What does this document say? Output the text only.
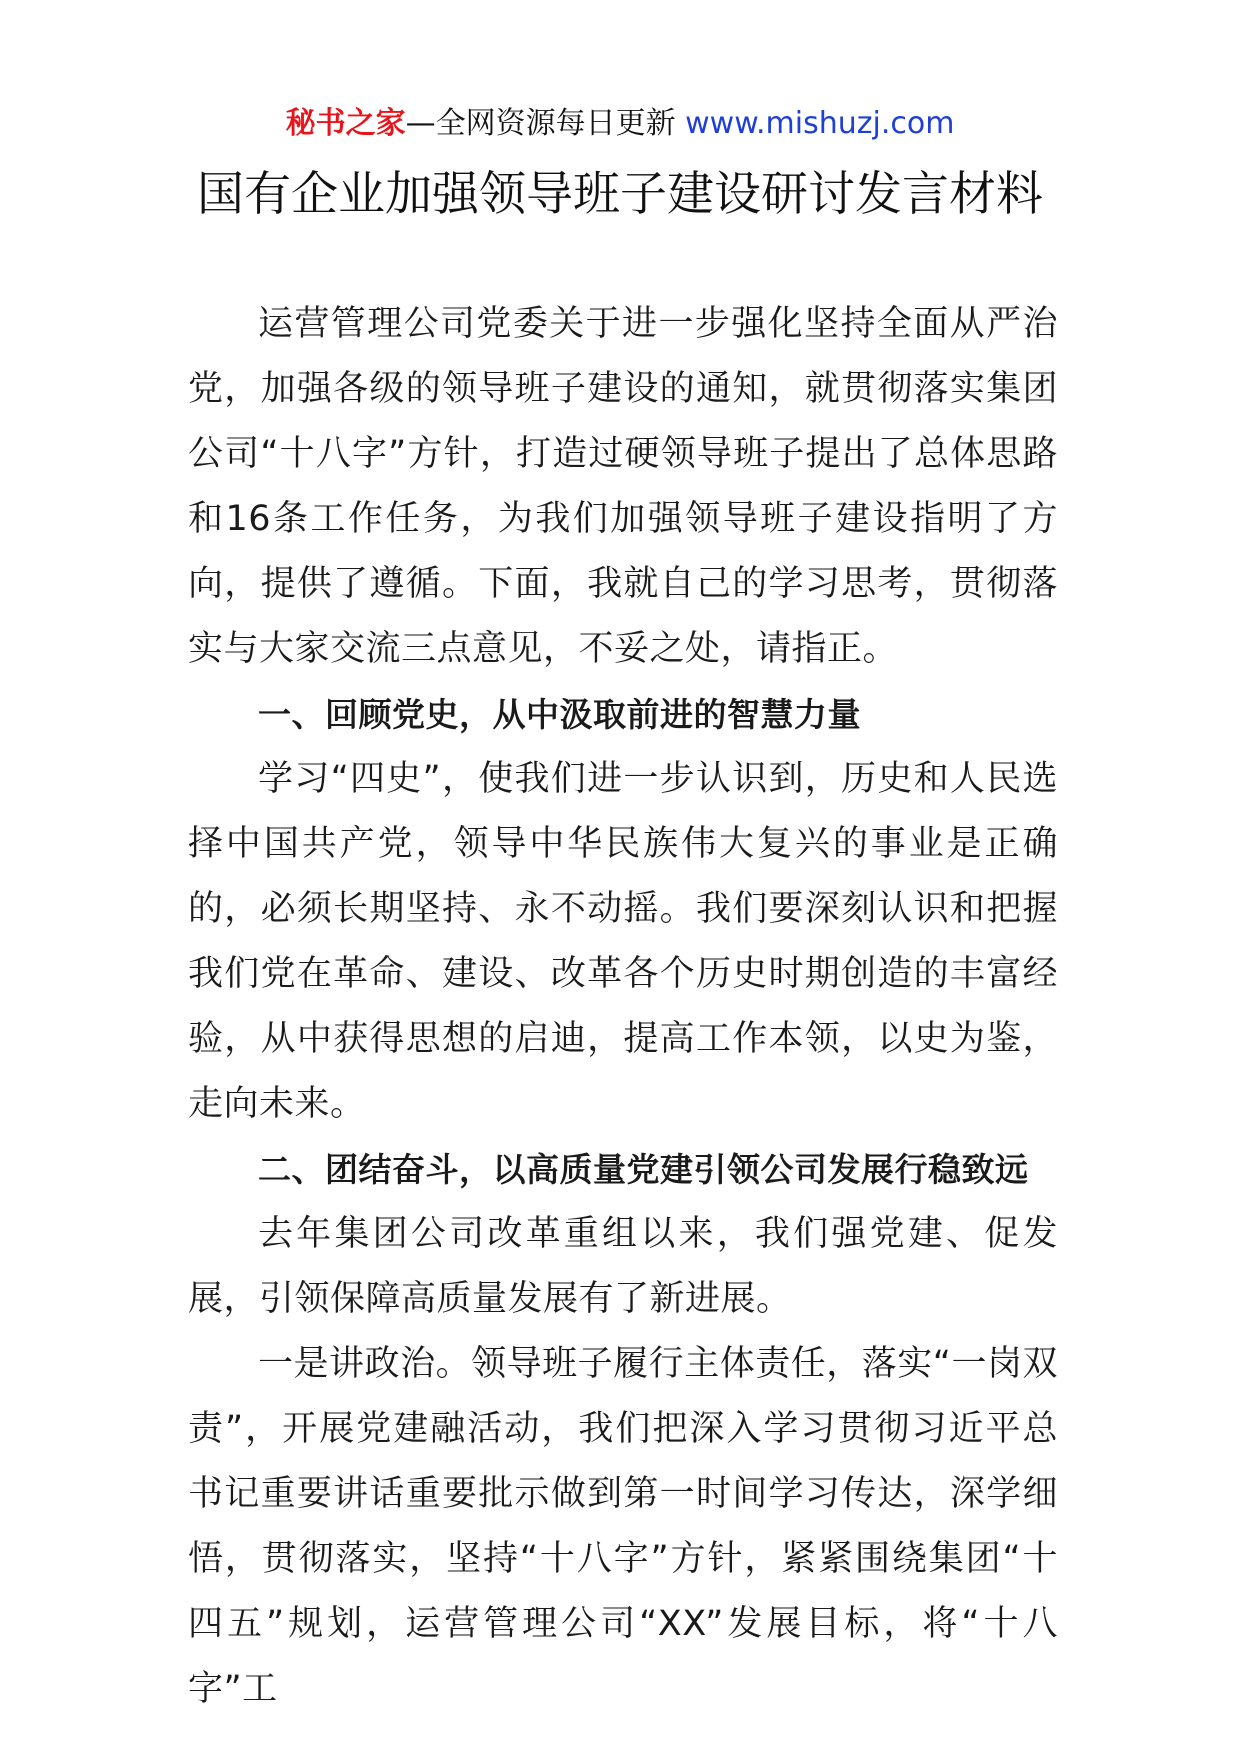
秘书之家—全网资源每日更新 www.mishuzj.com
国有企业加强领导班子建设研讨发言材料

运营管理公司党委关于进一步强化坚持全面从严治党，加强各级的领导班子建设的通知，就贯彻落实集团公司“十八字”方针，打造过硬领导班子提出了总体思路和16条工作任务，为我们加强领导班子建设指明了方向，提供了遵循。下面，我就自己的学习思考，贯彻落实与大家交流三点意见，不妥之处，请指正。

一、回顾党史，从中汲取前进的智慧力量

学习“四史”，使我们进一步认识到，历史和人民选择中国共产党，领导中华民族伟大复兴的事业是正确的，必须长期坚持、永不动摇。我们要深刻认识和把握我们党在革命、建设、改革各个历史时期创造的丰富经验，从中获得思想的启迪，提高工作本领，以史为鉴，走向未来。

二、团结奋斗，以高质量党建引领公司发展行稳致远

去年集团公司改革重组以来，我们强党建、促发展，引领保障高质量发展有了新进展。

一是讲政治。领导班子履行主体责任，落实“一岗双责”，开展党建融活动，我们把深入学习贯彻习近平总书记重要讲话重要批示做到第一时间学习传达，深学细悟，贯彻落实，坚持“十八字”方针，紧紧围绕集团“十四五”规划，运营管理公司“XX”发展目标，将“十八字”工
